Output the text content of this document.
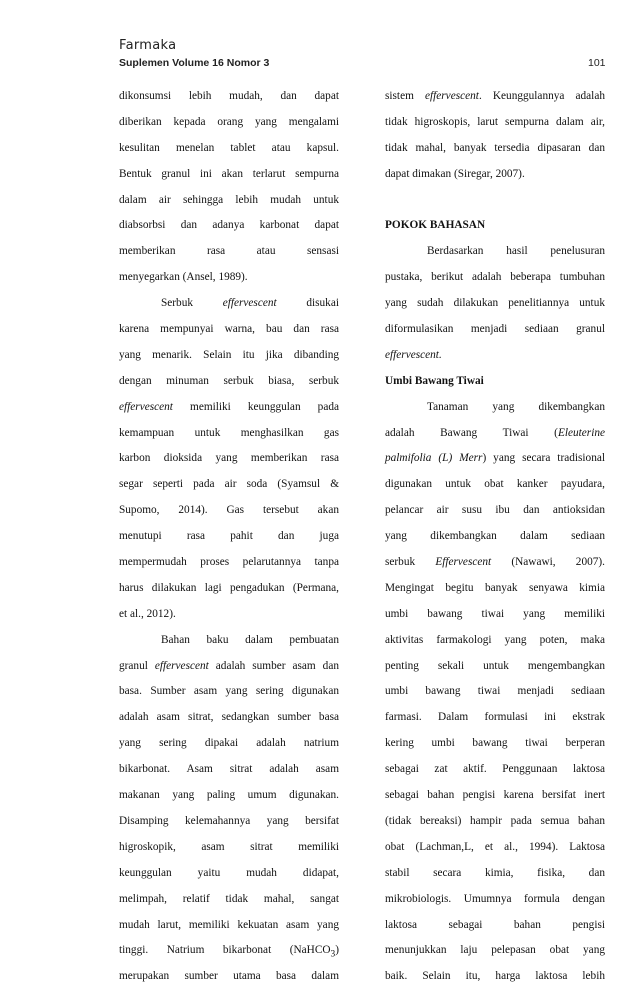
Farmaka
Suplemen Volume 16 Nomor 3	101
dikonsumsi lebih mudah, dan dapat
diberikan kepada orang yang mengalami
kesulitan menelan tablet atau kapsul.
Bentuk granul ini akan terlarut sempurna
dalam air sehingga lebih mudah untuk
diabsorbsi dan adanya karbonat dapat
memberikan rasa atau sensasi
menyegarkan (Ansel, 1989).
Serbuk effervescent disukai
karena mempunyai warna, bau dan rasa
yang menarik. Selain itu jika dibanding
dengan minuman serbuk biasa, serbuk
effervescent memiliki keunggulan pada
kemampuan untuk menghasilkan gas
karbon dioksida yang memberikan rasa
segar seperti pada air soda (Syamsul &
Supomo, 2014). Gas tersebut akan
menutupi rasa pahit dan juga
mempermudah proses pelarutannya tanpa
harus dilakukan lagi pengadukan (Permana,
et al., 2012).
Bahan baku dalam pembuatan
granul effervescent adalah sumber asam dan
basa. Sumber asam yang sering digunakan
adalah asam sitrat, sedangkan sumber basa
yang sering dipakai adalah natrium
bikarbonat. Asam sitrat adalah asam
makanan yang paling umum digunakan.
Disamping kelemahannya yang bersifat
higroskopik, asam sitrat memiliki
keunggulan yaitu mudah didapat,
melimpah, relatif tidak mahal, sangat
mudah larut, memiliki kekuatan asam yang
tinggi. Natrium bikarbonat (NaHCO$_3$)
merupakan sumber utama basa dalam
sistem effervescent. Keunggulannya adalah
tidak higroskopis, larut sempurna dalam air,
tidak mahal, banyak tersedia dipasaran dan
dapat dimakan (Siregar, 2007).
POKOK BAHASAN
Berdasarkan hasil penelusuran
pustaka, berikut adalah beberapa tumbuhan
yang sudah dilakukan penelitiannya untuk
diformulasikan menjadi sediaan granul
effervescent.
Umbi Bawang Tiwai
Tanaman yang dikembangkan
adalah Bawang Tiwai (Eleuterine
palmifolia (L) Merr) yang secara tradisional
digunakan untuk obat kanker payudara,
pelancar air susu ibu dan antioksidan
yang dikembangkan dalam sediaan
serbuk Effervescent (Nawawi, 2007).
Mengingat begitu banyak senyawa kimia
umbi bawang tiwai yang memiliki
aktivitas farmakologi yang poten, maka
penting sekali untuk mengembangkan
umbi bawang tiwai menjadi sediaan
farmasi. Dalam formulasi ini ekstrak
kering umbi bawang tiwai berperan
sebagai zat aktif. Penggunaan laktosa
sebagai bahan pengisi karena bersifat inert
(tidak bereaksi) hampir pada semua bahan
obat (Lachman,L, et al., 1994). Laktosa
stabil secara kimia, fisika, dan
mikrobiologis. Umumnya formula dengan
laktosa sebagai bahan pengisi
menunjukkan laju pelepasan obat yang
baik. Selain itu, harga laktosa lebih
